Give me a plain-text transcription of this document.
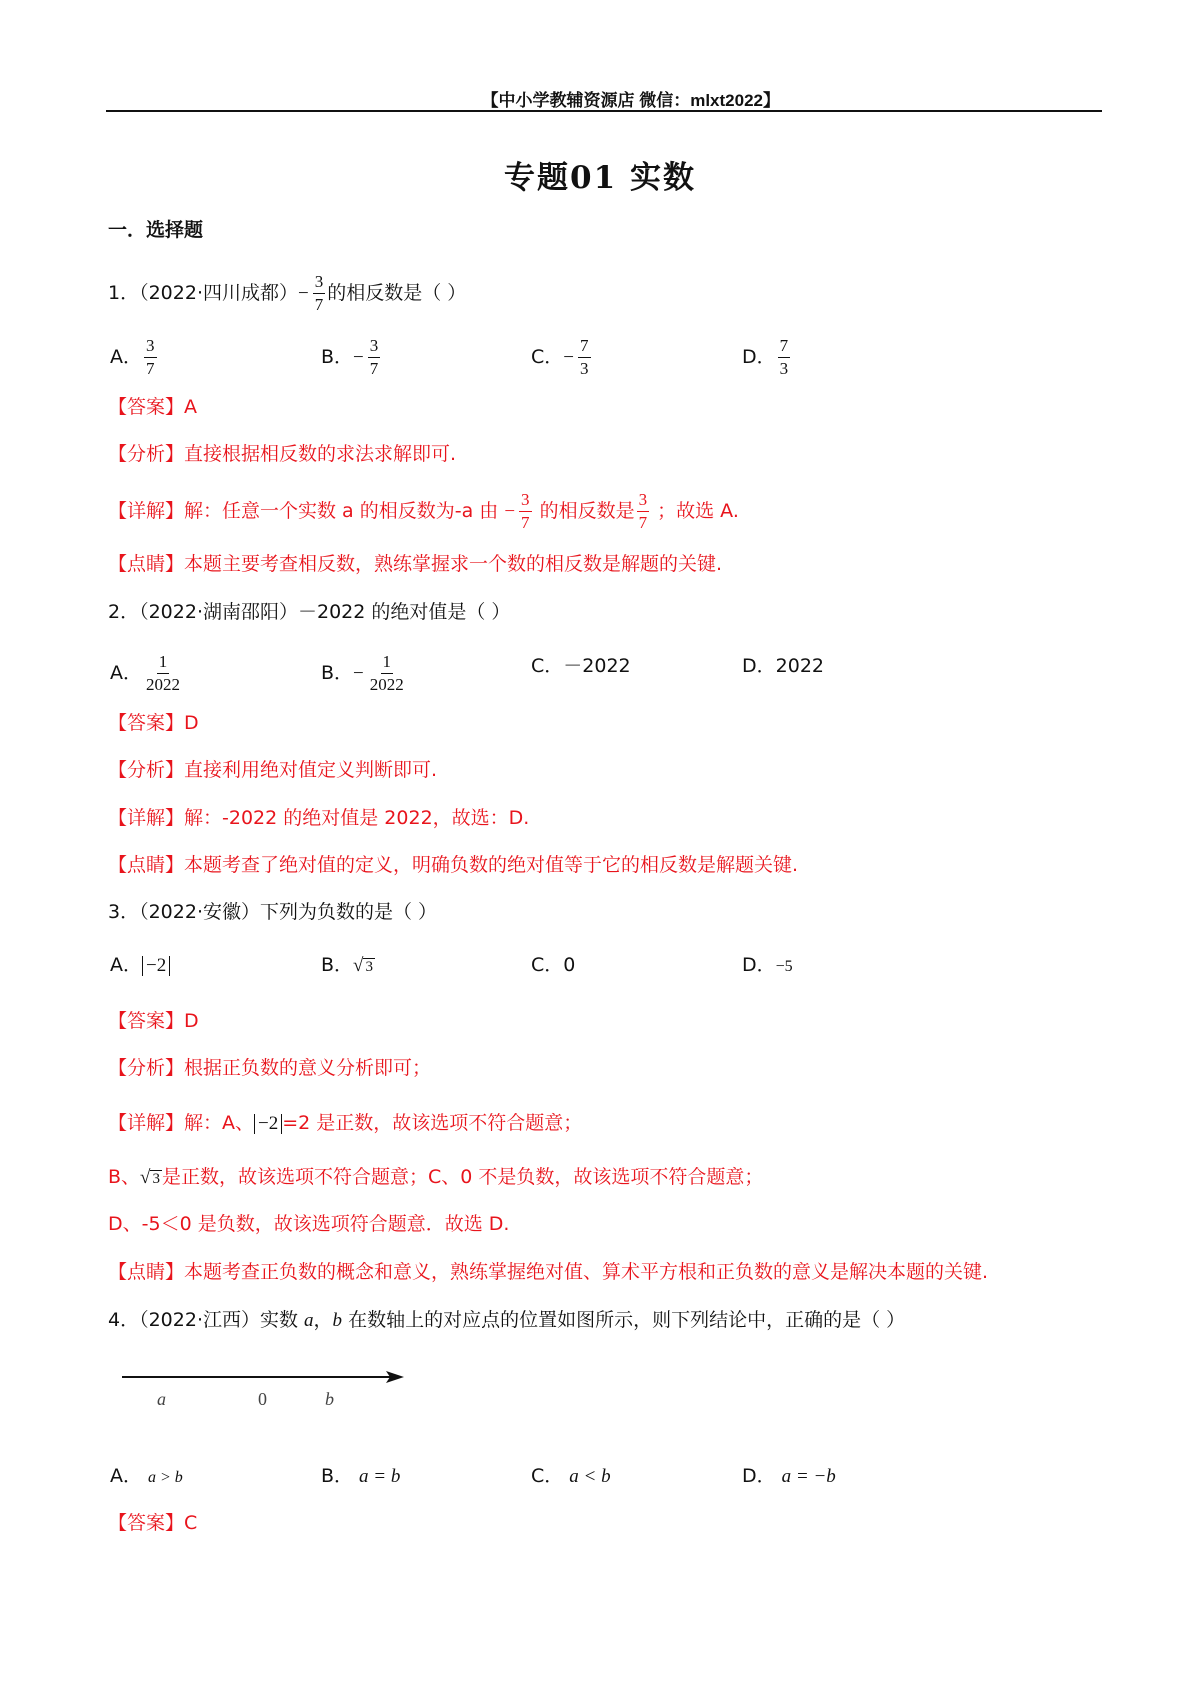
【中小学教辅资源店 微信：mlxt2022】
专题01 实数
一．选择题
1．（2022·四川成都）− $\frac{3}{7}$ 的相反数是（ ）
A． $\frac{3}{7}$	B．− $\frac{3}{7}$	C．− $\frac{7}{3}$	D． $\frac{7}{3}$
【答案】A
【分析】直接根据相反数的求法求解即可.
【详解】解：任意一个实数 a 的相反数为-a 由 − $\frac{3}{7}$ 的相反数是 $\frac{3}{7}$ ；故选 A.
【点睛】本题主要考查相反数，熟练掌握求一个数的相反数是解题的关键.
2．（2022·湖南邵阳）－2022 的绝对值是（ ）
A． $\frac{1}{2022}$	B．− $\frac{1}{2022}$	C．－2022	D．2022
【答案】D
【分析】直接利用绝对值定义判断即可.
【详解】解：-2022 的绝对值是 2022，故选：D.
【点睛】本题考查了绝对值的定义，明确负数的绝对值等于它的相反数是解题关键.
3．（2022·安徽）下列为负数的是（ ）
A． −2	B．√ 3	C．0	D．−5
【答案】D
【分析】根据正负数的意义分析即可；
【详解】解：A、 −2 =2 是正数，故该选项不符合题意；
B、√ 3 是正数，故该选项不符合题意；C、0 不是负数，故该选项不符合题意；
D、-5＜0 是负数，故该选项符合题意．故选 D.
【点睛】本题考查正负数的概念和意义，熟练掌握绝对值、算术平方根和正负数的意义是解决本题的关键.
4．（2022·江西）实数 a，b 在数轴上的对应点的位置如图所示，则下列结论中，正确的是（ ）
a	0	b
A． a > b	B． a = b	C． a < b	D． a = −b
【答案】C
